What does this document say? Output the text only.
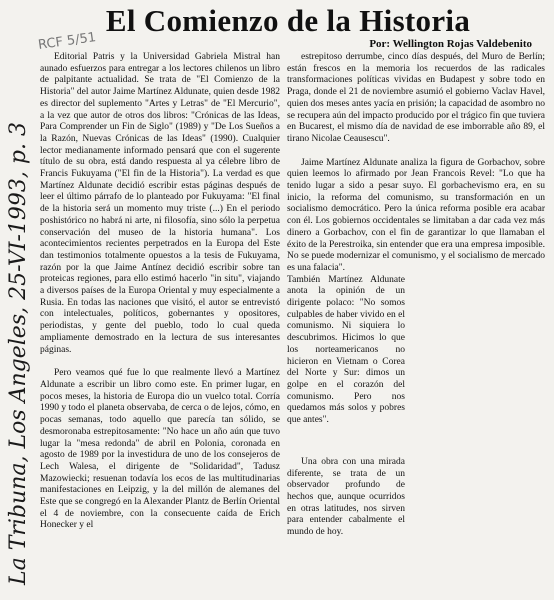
El Comienzo de la Historia
Por: Wellington Rojas Valdebenito
RCF 5/51
La Tribuna, Los Angeles, 25-VI-1993, p. 3

Editorial Patris y la Universidad Gabriela Mistral han aunado esfuerzos para entregar a los lectores chilenos un libro de palpitante actualidad. Se trata de "El Comienzo de la Historia" del autor Jaime Martínez Aldunate, quien desde 1982 es director del suplemento "Artes y Letras" de "El Mercurio", a la vez que autor de otros dos libros: "Crónicas de las Ideas, Para Comprender un Fin de Siglo" (1989) y "De Los Sueños a la Razón, Nuevas Crónicas de las Ideas" (1990). Cualquier lector medianamente informado pensará que con el sugerente título de su obra, está dando respuesta al ya célebre libro de Francis Fukuyama ("El fin de la Historia"). La verdad es que Martínez Aldunate decidió escribir estas páginas después de leer el último párrafo de lo planteado por Fukuyama: "El final de la historia será un momento muy triste (...) En el periodo poshistórico no habrá ni arte, ni filosofía, sino sólo la perpetua conservación del museo de la historia humana". Los acontecimientos recientes perpetrados en la Europa del Este dan testimonios totalmente opuestos a la tesis de Fukuyama, razón por la que Jaime Antínez decidió escribir sobre tan proteicas regiones, para ello estimó hacerlo "in situ", viajando a diversos países de la Europa Oriental y muy especialmente a Rusia. En todas las naciones que visitó, el autor se entrevistó con intelectuales, políticos, gobernantes y opositores, periodistas, y gente del pueblo, todo lo cual queda ampliamente demostrado en la lectura de sus interesantes páginas.

Pero veamos qué fue lo que realmente llevó a Martínez Aldunate a escribir un libro como este. En primer lugar, en pocos meses, la historia de Europa dio un vuelco total. Corría 1990 y todo el planeta observaba, de cerca o de lejos, cómo, en pocas semanas, todo aquello que parecía tan sólido, se desmoronaba estrepitosamente: "No hace un año aún que tuvo lugar la "mesa redonda" de abril en Polonia, coronada en agosto de 1989 por la investidura de uno de los consejeros de Lech Walesa, el dirigente de "Solidaridad", Tadusz Mazowiecki; resuenan todavía los ecos de las multitudinarias manifestaciones en Leipzig, y la del millón de alemanes del Este que se congregó en la Alexander Plantz de Berlín Oriental el 4 de noviembre, con la consecuente caída de Erich Honecker y el

estrepitoso derrumbe, cinco días después, del Muro de Berlín; están frescos en la memoria los recuerdos de las radicales transformaciones políticas vividas en Budapest y sobre todo en Praga, donde el 21 de noviembre asumió el gobierno Vaclav Havel, quien dos meses antes yacía en prisión; la capacidad de asombro no se recupera aún del impacto producido por el trágico fin que tuviera en Bucarest, el mismo día de navidad de ese imborrable año 89, el tirano Nicolae Ceausescu".

Jaime Martínez Aldunate analiza la figura de Gorbachov, sobre quien leemos lo afirmado por Jean Francois Revel: "Lo que ha tenido lugar a sido a pesar suyo. El gorbachevismo era, en su inicio, la reforma del comunismo, su transformación en un socialismo democrático. Pero la única reforma posible era acabar con él. Los gobiernos occidentales se limitaban a dar cada vez más dinero a Gorbachov, con el fin de garantizar lo que llamaban el éxito de la Perestroika, sin entender que era una empresa imposible. No se puede modernizar el comunismo, y el socialismo de mercado es una falacia".

También Martínez Aldunate anota la opinión de un dirigente polaco: "No somos culpables de haber vivido en el comunismo. Ni siquiera lo descubrimos. Hicimos lo que los norteamericanos no hicieron en Vietnam o Corea del Norte y Sur: dimos un golpe en el corazón del comunismo. Pero nos quedamos más solos y pobres que antes".

Una obra con una mirada diferente, se trata de un observador profundo de hechos que, aunque ocurridos en otras latitudes, nos sirven para entender cabalmente el mundo de hoy.
